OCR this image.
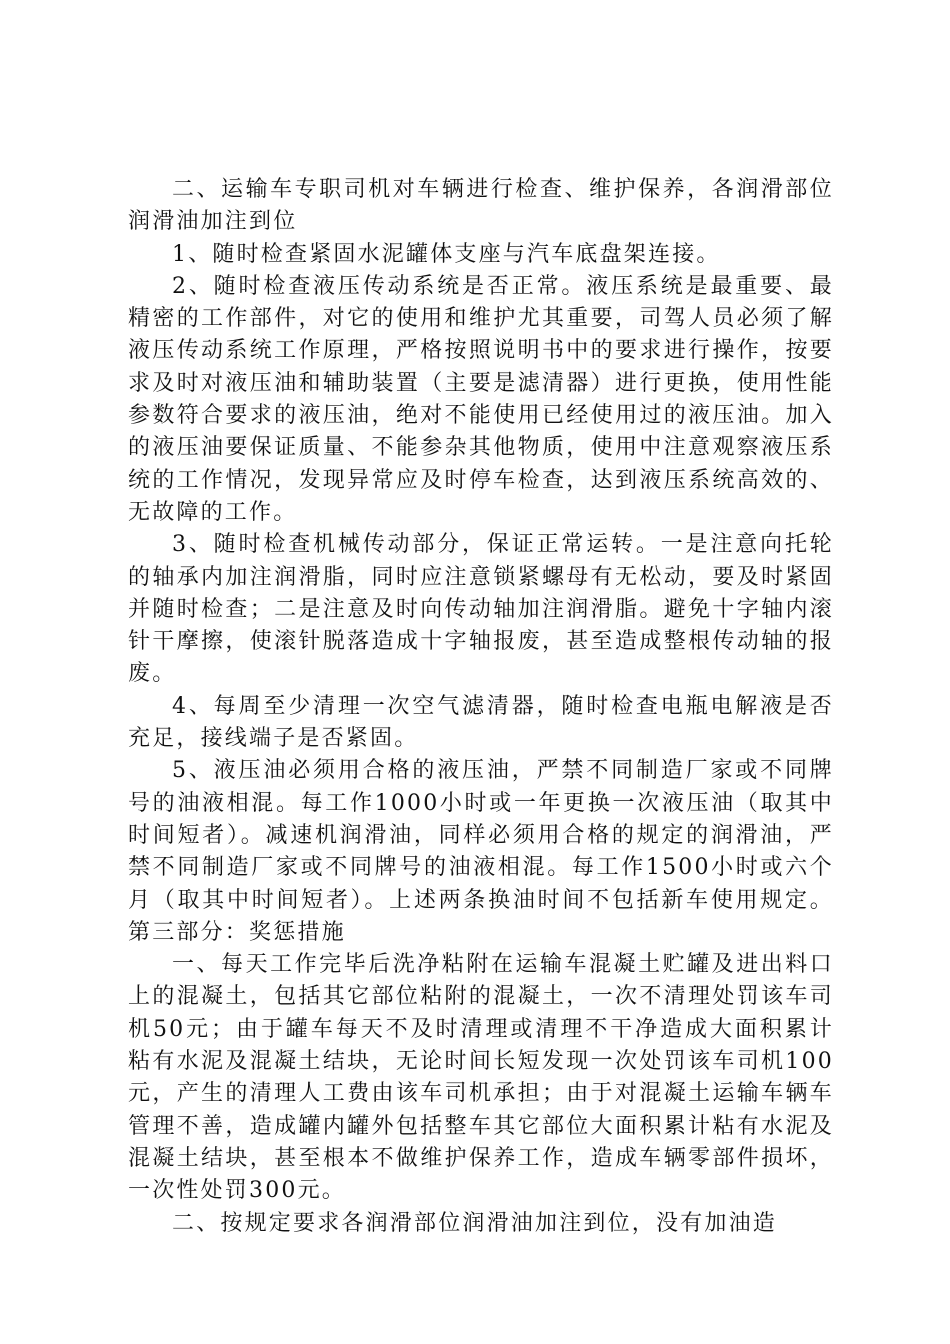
二、运输车专职司机对车辆进行检查、维护保养，各润滑部位润滑油加注到位

1、随时检查紧固水泥罐体支座与汽车底盘架连接。

2、随时检查液压传动系统是否正常。液压系统是最重要、最精密的工作部件，对它的使用和维护尤其重要，司驾人员必须了解液压传动系统工作原理，严格按照说明书中的要求进行操作，按要求及时对液压油和辅助装置（主要是滤清器）进行更换，使用性能参数符合要求的液压油，绝对不能使用已经使用过的液压油。加入的液压油要保证质量、不能参杂其他物质，使用中注意观察液压系统的工作情况，发现异常应及时停车检查，达到液压系统高效的、无故障的工作。

3、随时检查机械传动部分，保证正常运转。一是注意向托轮的轴承内加注润滑脂，同时应注意锁紧螺母有无松动，要及时紧固并随时检查；二是注意及时向传动轴加注润滑脂。避免十字轴内滚针干摩擦，使滚针脱落造成十字轴报废，甚至造成整根传动轴的报废。

4、每周至少清理一次空气滤清器，随时检查电瓶电解液是否充足，接线端子是否紧固。

5、液压油必须用合格的液压油，严禁不同制造厂家或不同牌号的油液相混。每工作1000小时或一年更换一次液压油（取其中时间短者）。减速机润滑油，同样必须用合格的规定的润滑油，严禁不同制造厂家或不同牌号的油液相混。每工作1500小时或六个月（取其中时间短者）。上述两条换油时间不包括新车使用规定。第三部分：奖惩措施

一、每天工作完毕后洗净粘附在运输车混凝土贮罐及进出料口上的混凝土，包括其它部位粘附的混凝土，一次不清理处罚该车司机50元；由于罐车每天不及时清理或清理不干净造成大面积累计粘有水泥及混凝土结块，无论时间长短发现一次处罚该车司机100元，产生的清理人工费由该车司机承担；由于对混凝土运输车辆车管理不善，造成罐内罐外包括整车其它部位大面积累计粘有水泥及混凝土结块，甚至根本不做维护保养工作，造成车辆零部件损坏，一次性处罚300元。

二、按规定要求各润滑部位润滑油加注到位，没有加油造
